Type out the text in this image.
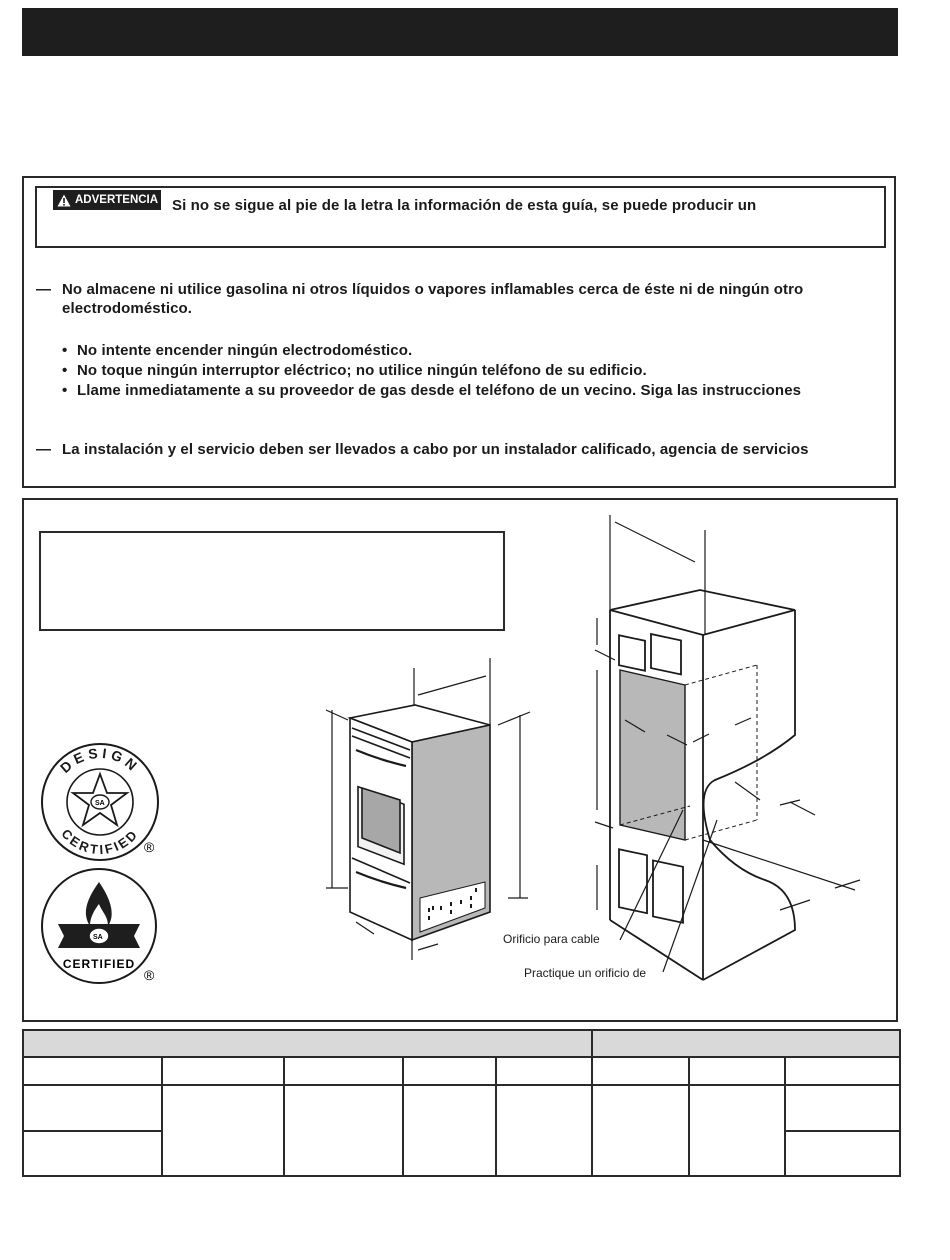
ADVERTENCIA Si no se sigue al pie de la letra la información de esta guía, se puede producir un
— No almacene ni utilice gasolina ni otros líquidos o vapores inflamables cerca de éste ni de ningún otro
electrodoméstico.
• No intente encender ningún electrodoméstico.
• No toque ningún interruptor eléctrico; no utilice ningún teléfono de su edificio.
• Llame inmediatamente a su proveedor de gas desde el teléfono de un vecino. Siga las instrucciones
— La instalación y el servicio deben ser llevados a cabo por un instalador calificado, agencia de servicios
SA
DESIGN
CERTIFIED
®
SA
CERTIFIED
®
Orificio para cable
Practique un orificio de
